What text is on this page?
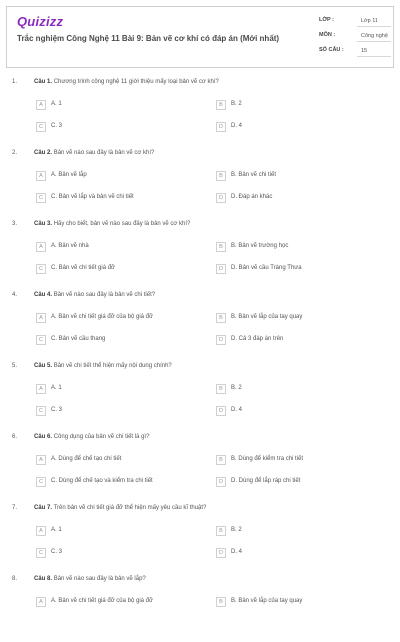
Quizizz
Trắc nghiệm Công Nghệ 11 Bài 9: Bản vẽ cơ khí có đáp án (Mới nhất)
LỚP :	Lớp 11
MÔN :	Công nghệ
SỐ CÂU :	15
1.	Câu 1. Chương trình công nghệ 11 giới thiệu mấy loại bản vẽ cơ khí?
A	A. 1	B	B. 2
C	C. 3	D	D. 4
2.	Câu 2. Bản vẽ nào sau đây là bản vẽ cơ khí?
A	A. Bản vẽ lắp	B	B. Bản vẽ chi tiết
C	C. Bản vẽ lắp và bản vẽ chi tiết	D	D. Đáp án khác
3.	Câu 3. Hãy cho biết, bản vẽ nào sau đây là bản vẽ cơ khí?
A	A. Bản vẽ nhà	B	B. Bản vẽ trường học
C	C. Bản vẽ chi tiết giá đỡ	D	D. Bản vẽ cầu Tràng Thưa
4.	Câu 4. Bản vẽ nào sau đây là bản vẽ chi tiết?
A	A. Bản vẽ chi tiết giá đỡ của bộ giá đỡ	B	B. Bản vẽ lắp của tay quay
C	C. Bản vẽ cầu thang	D	D. Cả 3 đáp án trên
5.	Câu 5. Bản vẽ chi tiết thể hiện mấy nội dung chính?
A	A. 1	B	B. 2
C	C. 3	D	D. 4
6.	Câu 6. Công dụng của bản vẽ chi tiết là gì?
A	A. Dùng để chế tạo chi tiết	B	B. Dùng để kiểm tra chi tiết
C	C. Dùng để chế tạo và kiểm tra chi tiết	D	D. Dùng để lắp ráp chi tiết
7.	Câu 7. Trên bản vẽ chi tiết giá đỡ thể hiện mấy yêu cầu kĩ thuật?
A	A. 1	B	B. 2
C	C. 3	D	D. 4
8.	Câu 8. Bản vẽ nào sau đây là bản vẽ lắp?
A	A. Bản vẽ chi tiết giá đỡ của bộ giá đỡ	B	B. Bản vẽ lắp của tay quay
